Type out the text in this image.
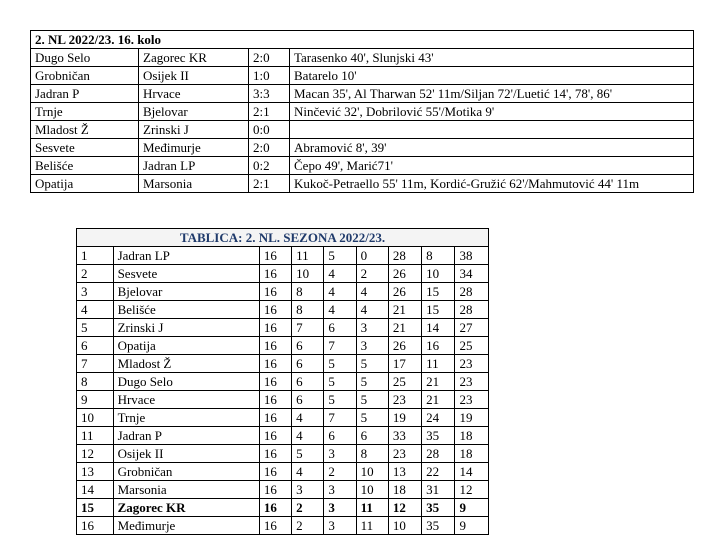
2. NL 2022/23. 16. kolo			
Dugo Selo	Zagorec KR	2:0	Tarasenko 40', Slunjski 43'
Grobničan	Osijek II	1:0	Batarelo 10'
Jadran P	Hrvace	3:3	Macan 35', Al Tharwan 52' 11m/Siljan 72'/Luetić 14', 78', 86'
Trnje	Bjelovar	2:1	Ninčević 32', Dobrilović 55'/Motika 9'
Mladost Ž	Zrinski J	0:0	
Sesvete	Međimurje	2:0	Abramović 8', 39'
Belišće	Jadran LP	0:2	Čepo 49', Marić71'
Opatija	Marsonia	2:1	Kukoč-Petraello 55' 11m, Kordić-Gružić 62'/Mahmutović 44' 11m
TABLICA: 2. NL. SEZONA 2022/23.								
1	Jadran LP	16	11	5	0	28	8	38
2	Sesvete	16	10	4	2	26	10	34
3	Bjelovar	16	8	4	4	26	15	28
4	Belišće	16	8	4	4	21	15	28
5	Zrinski J	16	7	6	3	21	14	27
6	Opatija	16	6	7	3	26	16	25
7	Mladost Ž	16	6	5	5	17	11	23
8	Dugo Selo	16	6	5	5	25	21	23
9	Hrvace	16	6	5	5	23	21	23
10	Trnje	16	4	7	5	19	24	19
11	Jadran P	16	4	6	6	33	35	18
12	Osijek II	16	5	3	8	23	28	18
13	Grobničan	16	4	2	10	13	22	14
14	Marsonia	16	3	3	10	18	31	12
15	Zagorec KR	16	2	3	11	12	35	9
16	Međimurje	16	2	3	11	10	35	9
